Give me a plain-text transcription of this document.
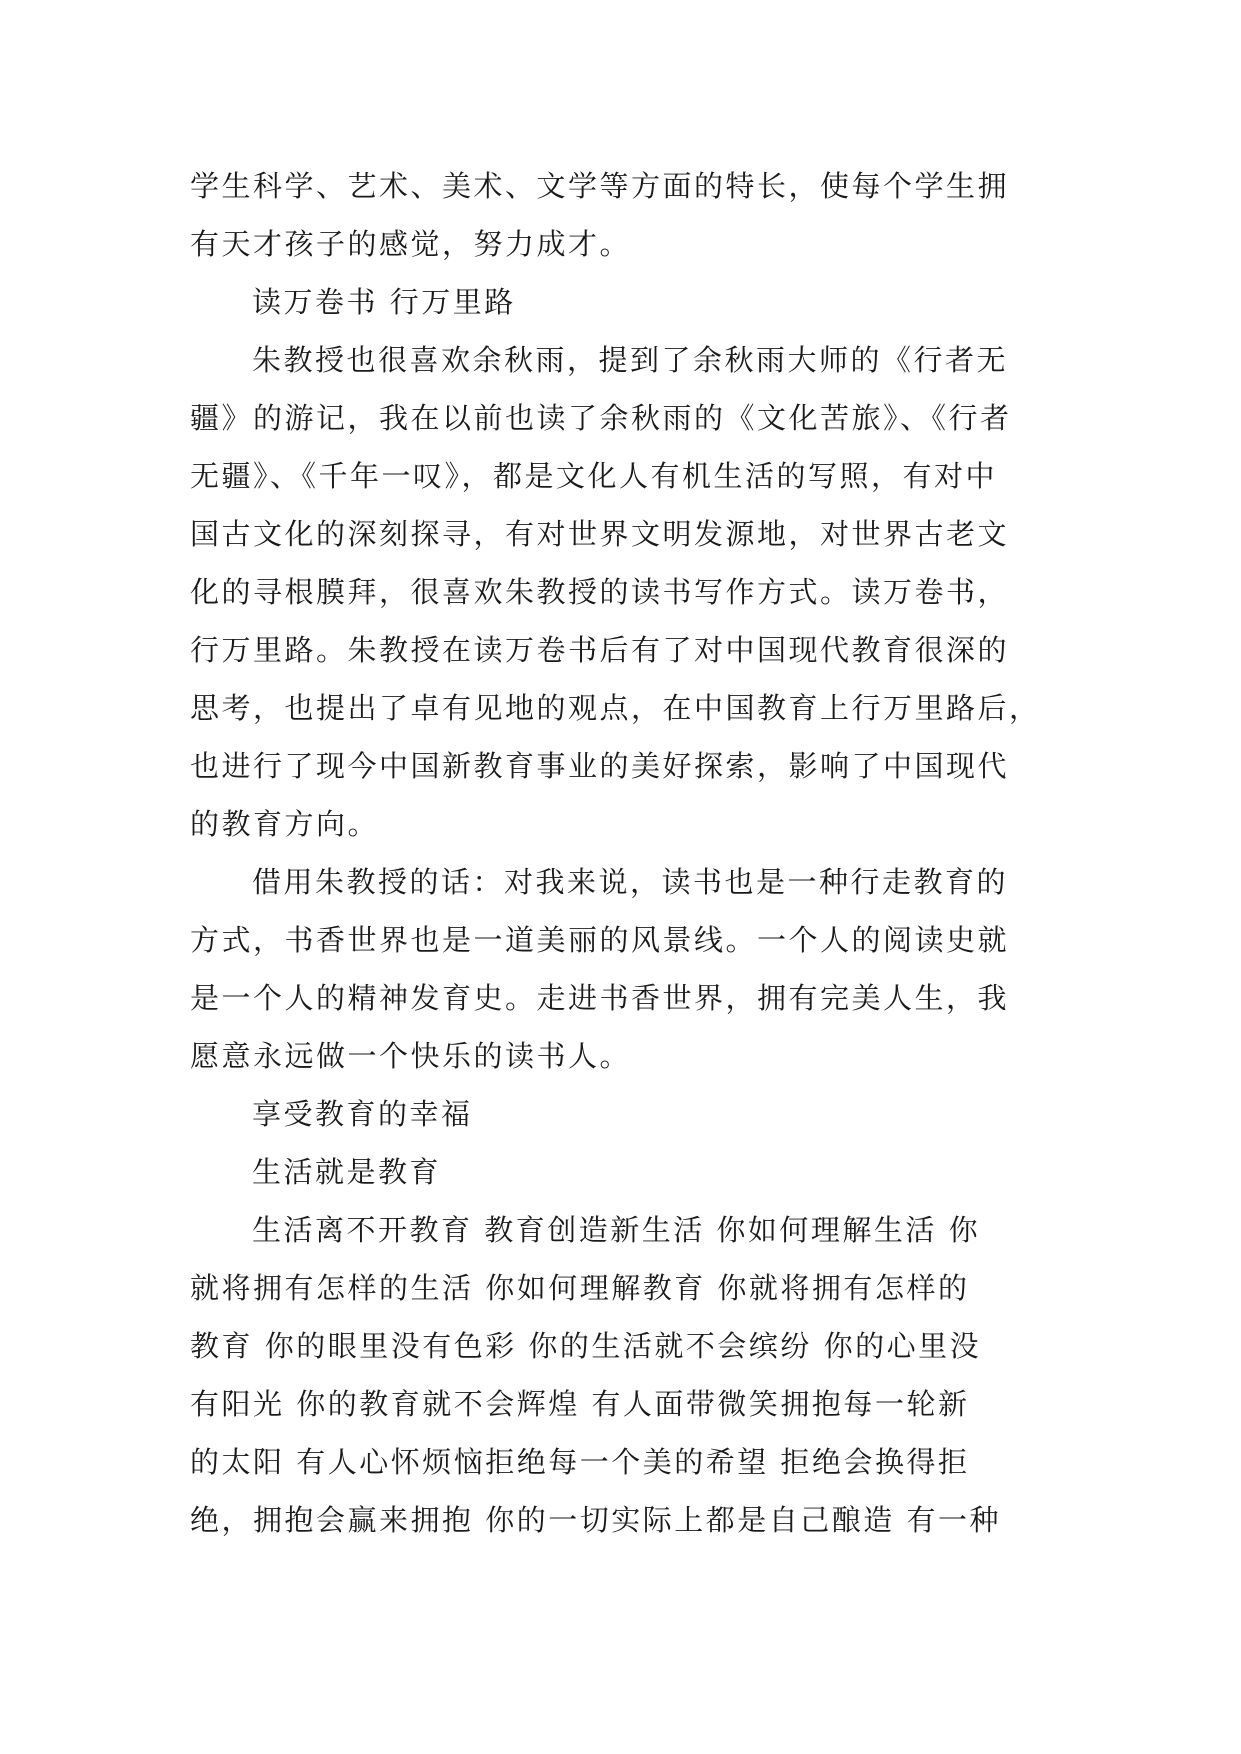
学生科学、艺术、美术、文学等方面的特长，使每个学生拥
有天才孩子的感觉，努力成才。
读万卷书 行万里路
朱教授也很喜欢余秋雨，提到了余秋雨大师的《行者无
疆》的游记，我在以前也读了余秋雨的《文化苦旅》、《行者
无疆》、《千年一叹》，都是文化人有机生活的写照，有对中
国古文化的深刻探寻，有对世界文明发源地，对世界古老文
化的寻根膜拜，很喜欢朱教授的读书写作方式。读万卷书，
行万里路。朱教授在读万卷书后有了对中国现代教育很深的
思考，也提出了卓有见地的观点，在中国教育上行万里路后，
也进行了现今中国新教育事业的美好探索，影响了中国现代
的教育方向。
借用朱教授的话：对我来说，读书也是一种行走教育的
方式，书香世界也是一道美丽的风景线。一个人的阅读史就
是一个人的精神发育史。走进书香世界，拥有完美人生，我
愿意永远做一个快乐的读书人。
享受教育的幸福
生活就是教育
生活离不开教育 教育创造新生活 你如何理解生活 你
就将拥有怎样的生活 你如何理解教育 你就将拥有怎样的
教育 你的眼里没有色彩 你的生活就不会缤纷 你的心里没
有阳光 你的教育就不会辉煌 有人面带微笑拥抱每一轮新
的太阳 有人心怀烦恼拒绝每一个美的希望 拒绝会换得拒
绝，拥抱会赢来拥抱 你的一切实际上都是自己酿造 有一种
